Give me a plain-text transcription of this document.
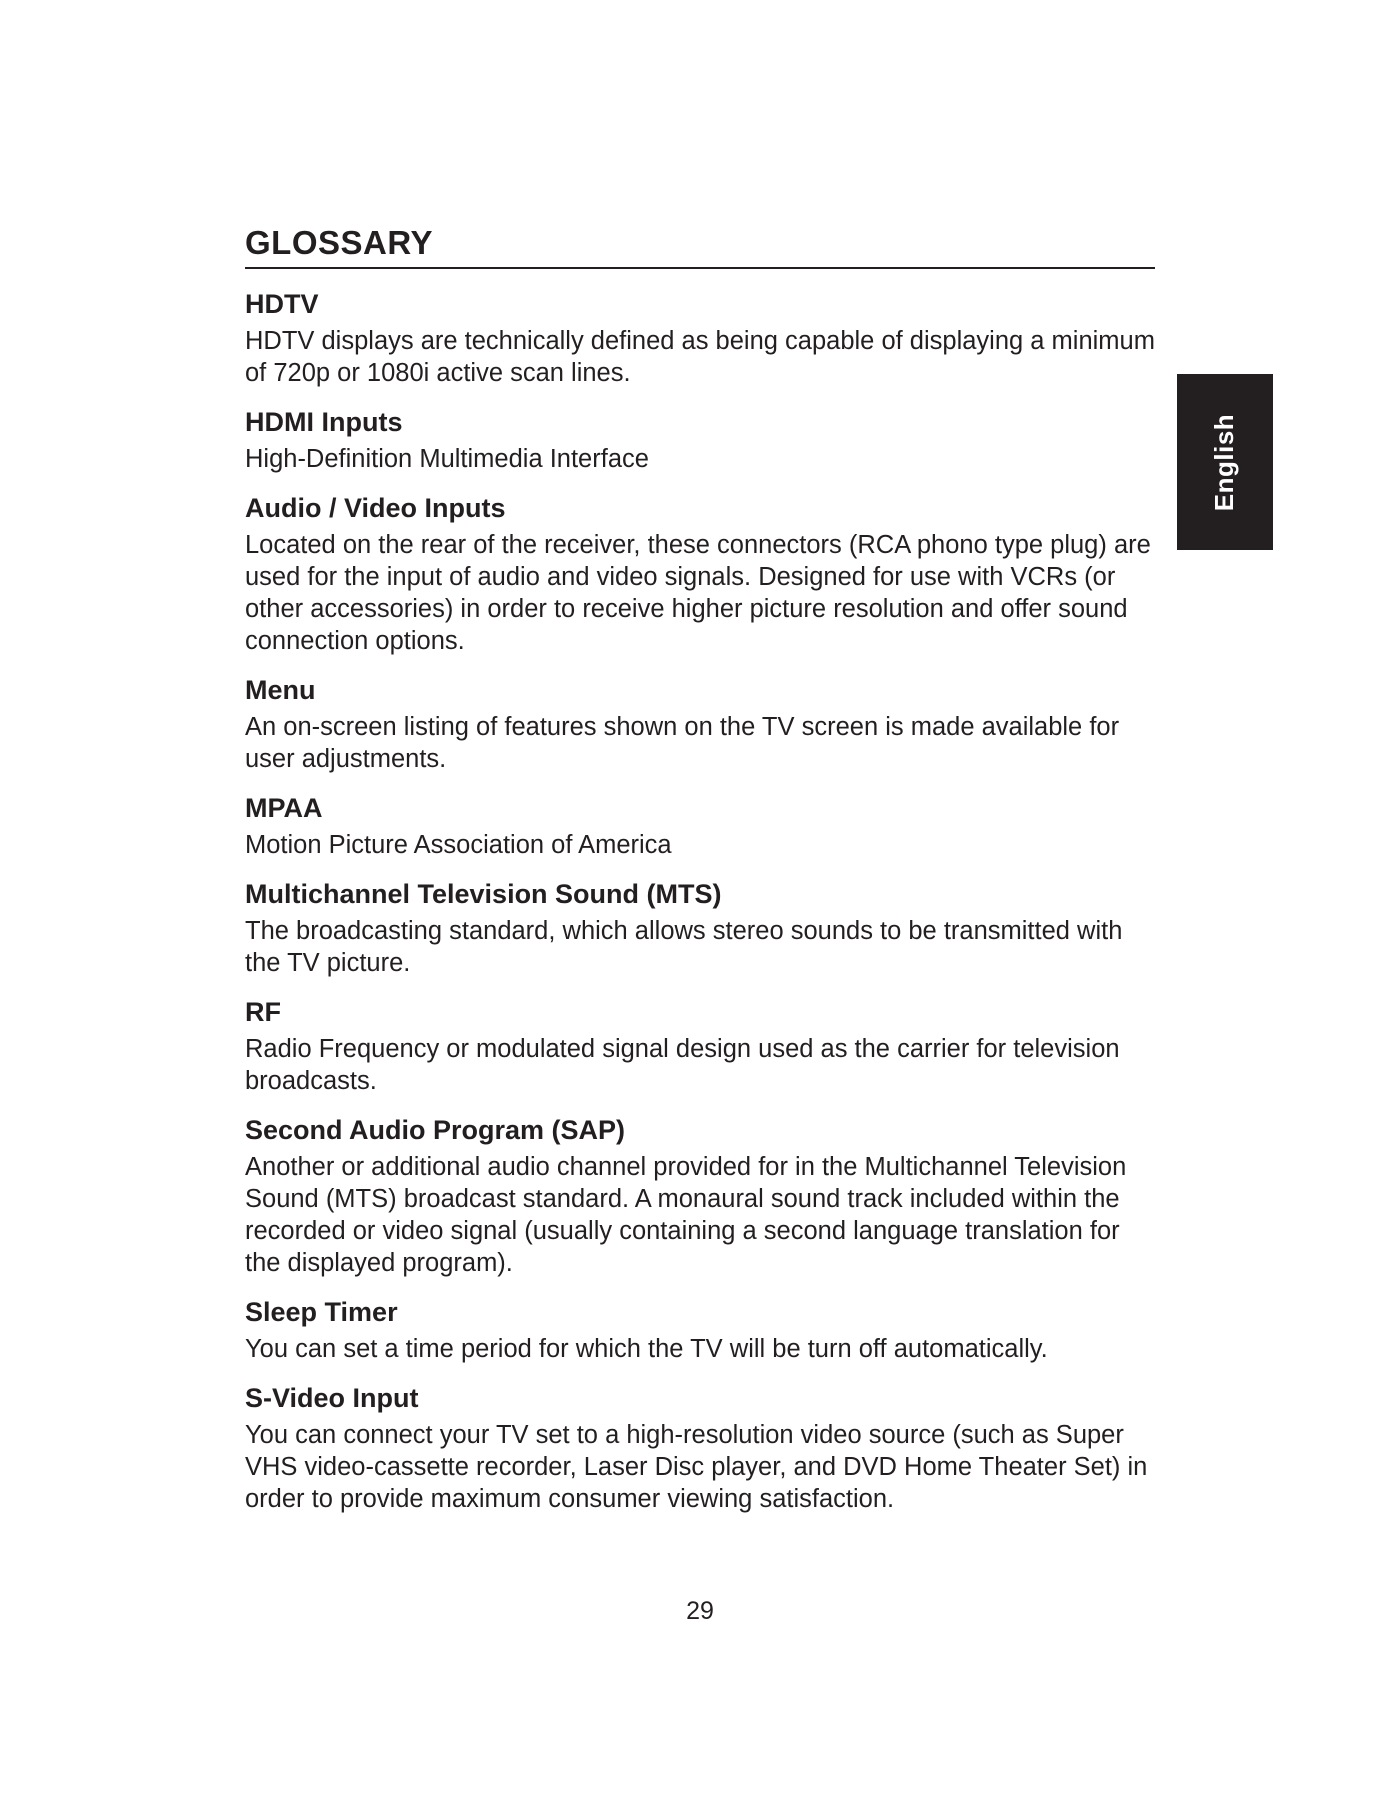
GLOSSARY
HDTV

HDTV displays are technically defined as being capable of displaying a minimum of 720p or 1080i active scan lines.

HDMI Inputs

High-Definition Multimedia Interface

Audio / Video Inputs

Located on the rear of the receiver, these connectors (RCA phono type plug) are used for the input of audio and video signals. Designed for use with VCRs (or other accessories) in order to receive higher picture resolution and offer sound connection options.

Menu

An on-screen listing of features shown on the TV screen is made available for user adjustments.

MPAA

Motion Picture Association of America

Multichannel Television Sound (MTS)

The broadcasting standard, which allows stereo sounds to be transmitted with the TV picture.

RF

Radio Frequency or modulated signal design used as the carrier for television broadcasts.

Second Audio Program (SAP)

Another or additional audio channel provided for in the Multichannel Television Sound (MTS) broadcast standard. A monaural sound track included within the recorded or video signal (usually containing a second language translation for the displayed program).

Sleep Timer

You can set a time period for which the TV will be turn off automatically.

S-Video Input

You can connect your TV set to a high-resolution video source (such as Super VHS video-cassette recorder, Laser Disc player, and DVD Home Theater Set) in order to provide maximum consumer viewing satisfaction.

English
29
